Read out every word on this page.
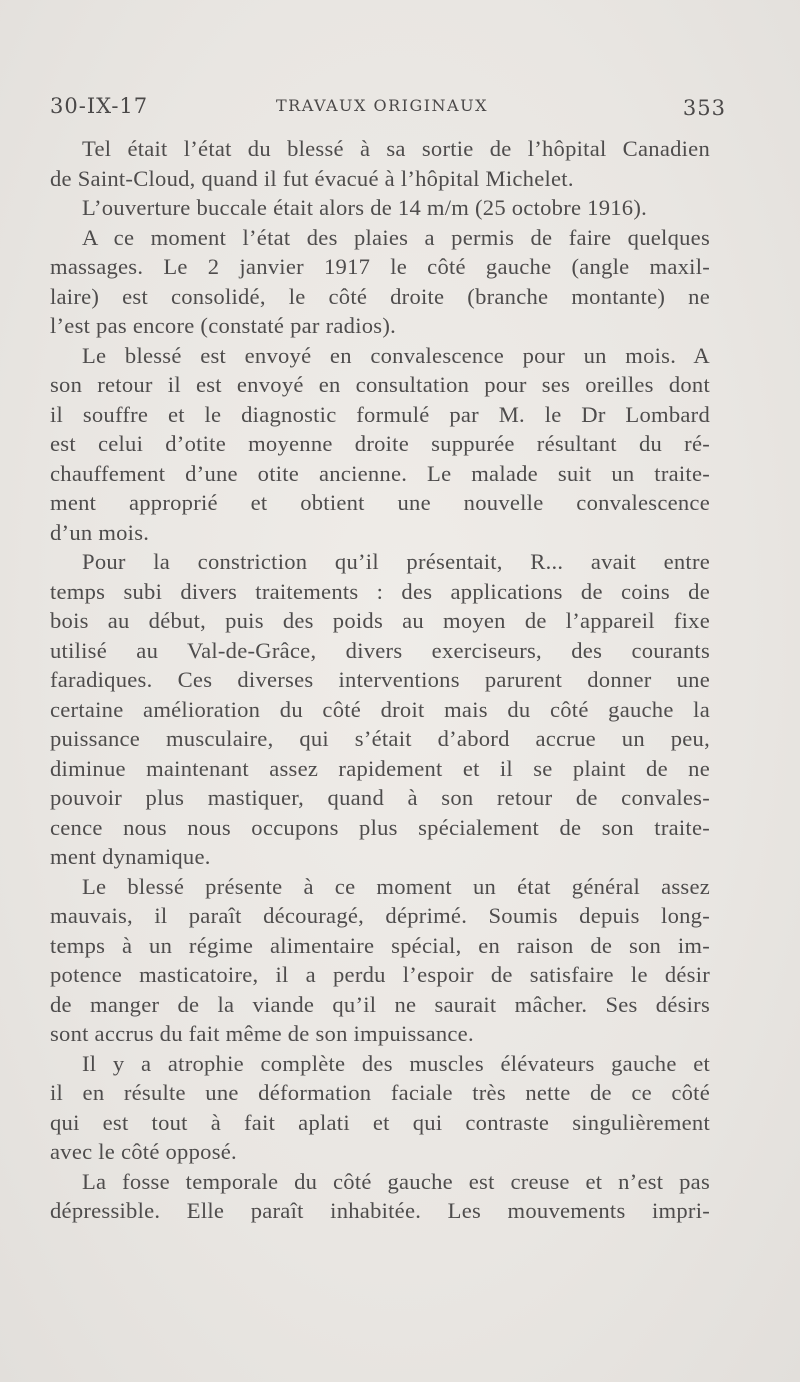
30-IX-17	TRAVAUX ORIGINAUX	353
Tel était l’état du blessé à sa sortie de l’hôpital Canadien
de Saint-Cloud, quand il fut évacué à l’hôpital Michelet.
L’ouverture buccale était alors de 14 m/m (25 octobre 1916).
A ce moment l’état des plaies a permis de faire quelques
massages. Le 2 janvier 1917 le côté gauche (angle maxil-
laire) est consolidé, le côté droite (branche montante) ne
l’est pas encore (constaté par radios).
Le blessé est envoyé en convalescence pour un mois. A
son retour il est envoyé en consultation pour ses oreilles dont
il souffre et le diagnostic formulé par M. le Dr Lombard
est celui d’otite moyenne droite suppurée résultant du ré-
chauffement d’une otite ancienne. Le malade suit un traite-
ment approprié et obtient une nouvelle convalescence
d’un mois.
Pour la constriction qu’il présentait, R... avait entre
temps subi divers traitements : des applications de coins de
bois au début, puis des poids au moyen de l’appareil fixe
utilisé au Val-de-Grâce, divers exerciseurs, des courants
faradiques. Ces diverses interventions parurent donner une
certaine amélioration du côté droit mais du côté gauche la
puissance musculaire, qui s’était d’abord accrue un peu,
diminue maintenant assez rapidement et il se plaint de ne
pouvoir plus mastiquer, quand à son retour de convales-
cence nous nous occupons plus spécialement de son traite-
ment dynamique.
Le blessé présente à ce moment un état général assez
mauvais, il paraît découragé, déprimé. Soumis depuis long-
temps à un régime alimentaire spécial, en raison de son im-
potence masticatoire, il a perdu l’espoir de satisfaire le désir
de manger de la viande qu’il ne saurait mâcher. Ses désirs
sont accrus du fait même de son impuissance.
Il y a atrophie complète des muscles élévateurs gauche et
il en résulte une déformation faciale très nette de ce côté
qui est tout à fait aplati et qui contraste singulièrement
avec le côté opposé.
La fosse temporale du côté gauche est creuse et n’est pas
dépressible. Elle paraît inhabitée. Les mouvements impri-
